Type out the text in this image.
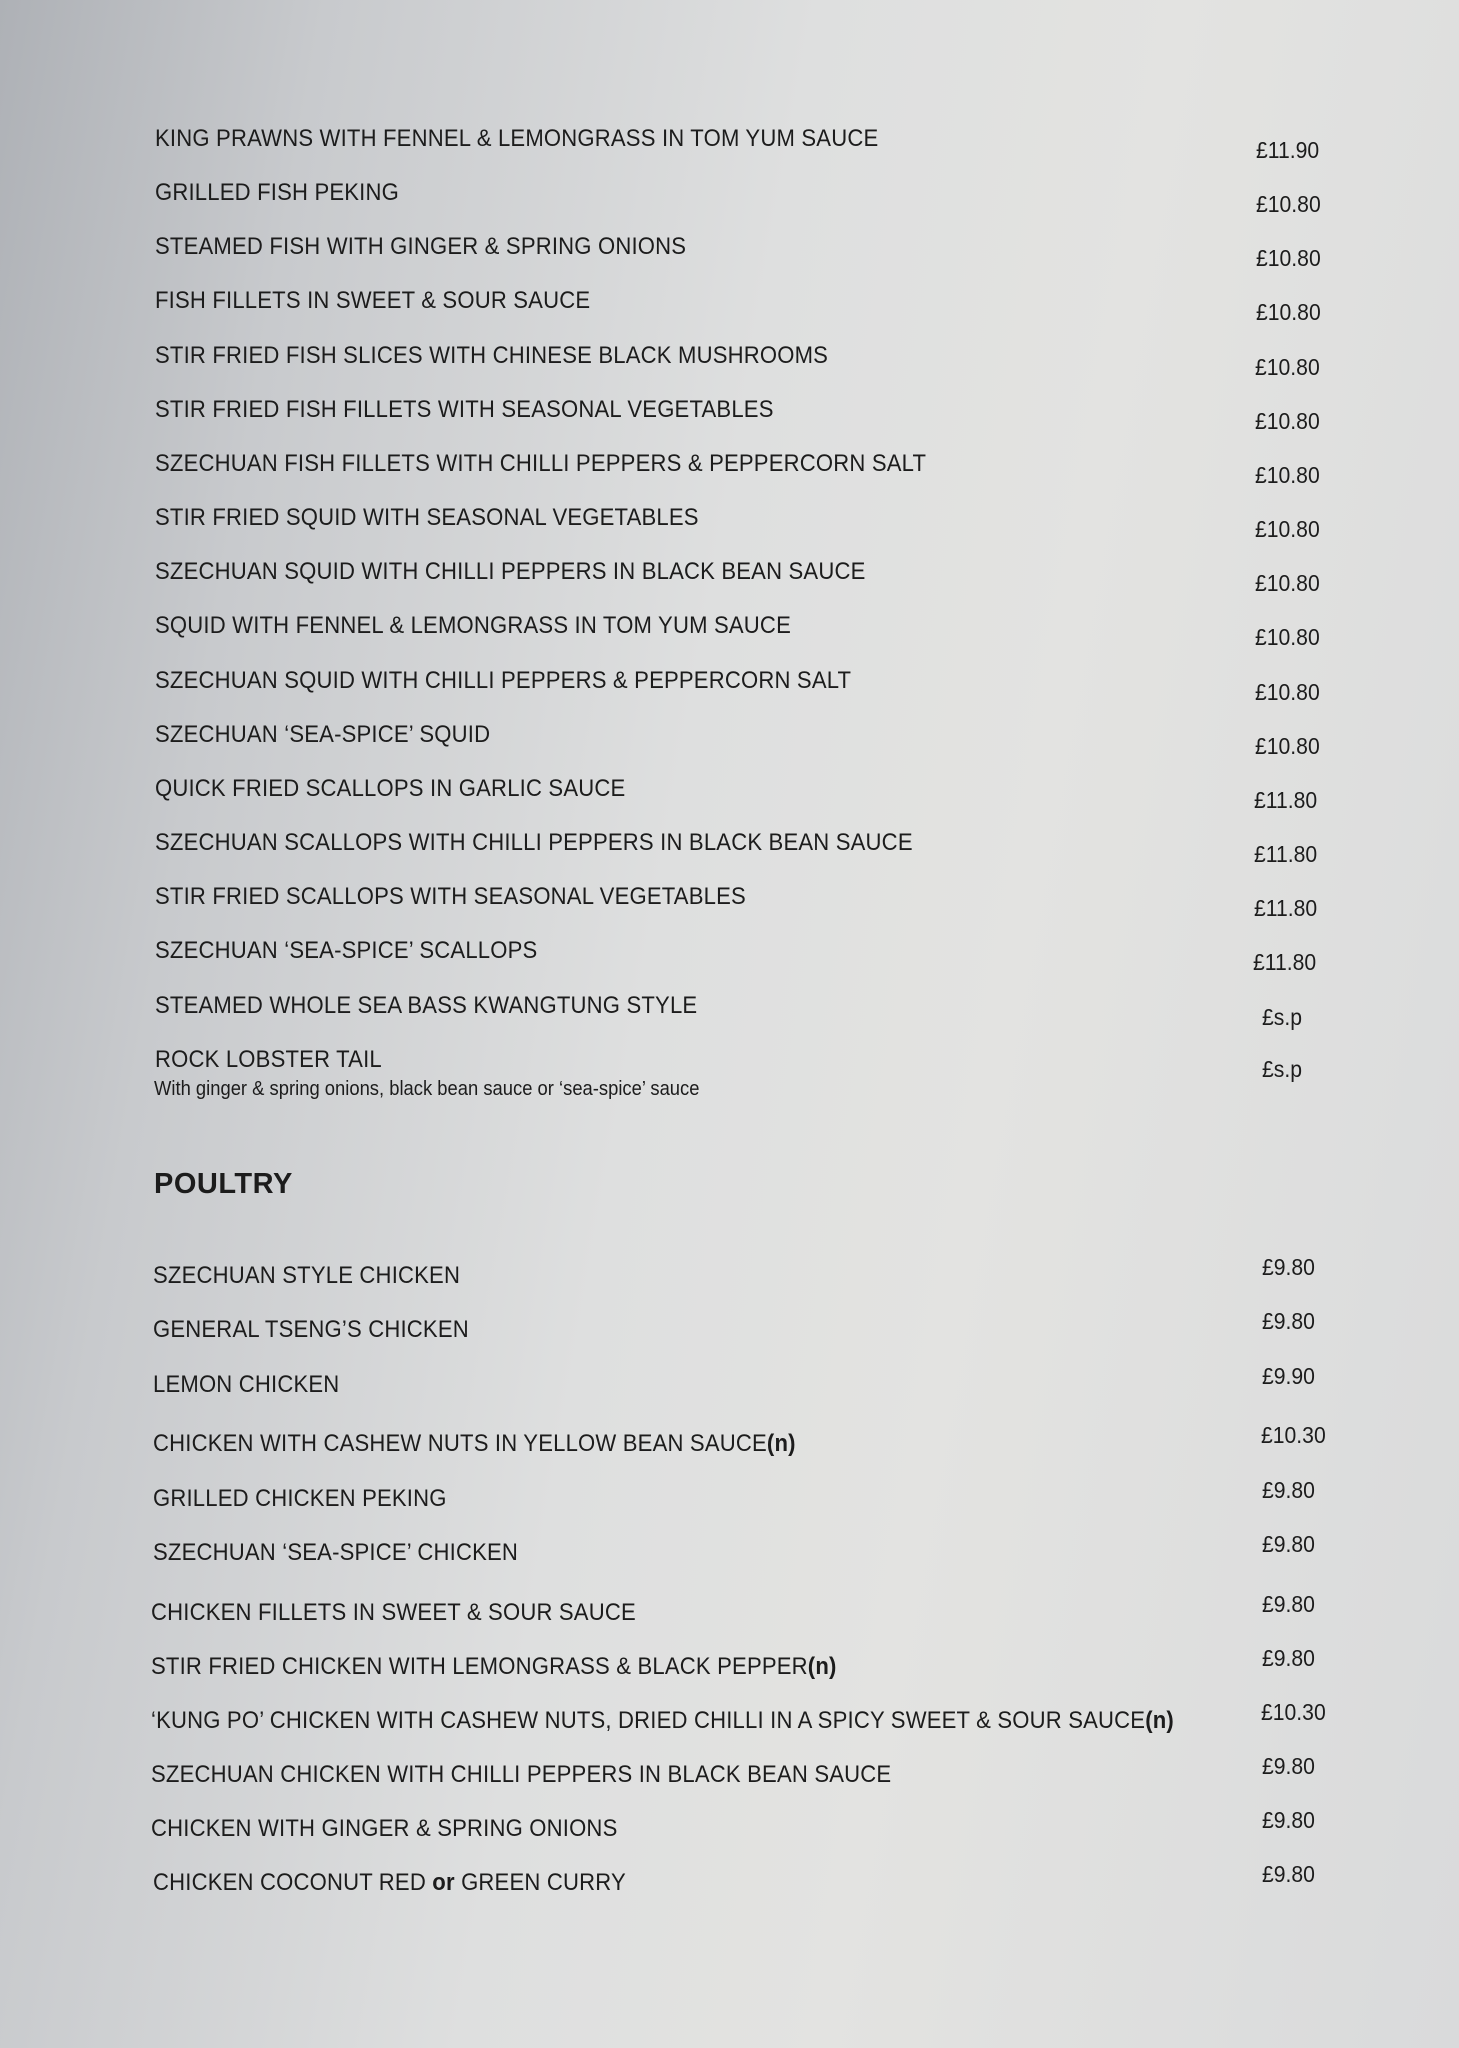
KING PRAWNS WITH FENNEL & LEMONGRASS IN TOM YUM SAUCE	£11.90
GRILLED FISH PEKING	£10.80
STEAMED FISH WITH GINGER & SPRING ONIONS	£10.80
FISH FILLETS IN SWEET & SOUR SAUCE	£10.80
STIR FRIED FISH SLICES WITH CHINESE BLACK MUSHROOMS	£10.80
STIR FRIED FISH FILLETS WITH SEASONAL VEGETABLES	£10.80
SZECHUAN FISH FILLETS WITH CHILLI PEPPERS & PEPPERCORN SALT	£10.80
STIR FRIED SQUID WITH SEASONAL VEGETABLES	£10.80
SZECHUAN SQUID WITH CHILLI PEPPERS IN BLACK BEAN SAUCE	£10.80
SQUID WITH FENNEL & LEMONGRASS IN TOM YUM SAUCE	£10.80
SZECHUAN SQUID WITH CHILLI PEPPERS & PEPPERCORN SALT	£10.80
SZECHUAN ‘SEA-SPICE’ SQUID	£10.80
QUICK FRIED SCALLOPS IN GARLIC SAUCE	£11.80
SZECHUAN SCALLOPS WITH CHILLI PEPPERS IN BLACK BEAN SAUCE	£11.80
STIR FRIED SCALLOPS WITH SEASONAL VEGETABLES	£11.80
SZECHUAN ‘SEA-SPICE’ SCALLOPS	£11.80
STEAMED WHOLE SEA BASS KWANGTUNG STYLE	£s.p
ROCK LOBSTER TAIL	£s.p
With ginger & spring onions, black bean sauce or ‘sea-spice’ sauce
POULTRY
SZECHUAN STYLE CHICKEN	£9.80
GENERAL TSENG’S CHICKEN	£9.80
LEMON CHICKEN	£9.90
CHICKEN WITH CASHEW NUTS IN YELLOW BEAN SAUCE(n)	£10.30
GRILLED CHICKEN PEKING	£9.80
SZECHUAN ‘SEA-SPICE’ CHICKEN	£9.80
CHICKEN FILLETS IN SWEET & SOUR SAUCE	£9.80
STIR FRIED CHICKEN WITH LEMONGRASS & BLACK PEPPER(n)	£9.80
‘KUNG PO’ CHICKEN WITH CASHEW NUTS, DRIED CHILLI IN A SPICY SWEET & SOUR SAUCE(n)	£10.30
SZECHUAN CHICKEN WITH CHILLI PEPPERS IN BLACK BEAN SAUCE	£9.80
CHICKEN WITH GINGER & SPRING ONIONS	£9.80
CHICKEN COCONUT RED or GREEN CURRY	£9.80
